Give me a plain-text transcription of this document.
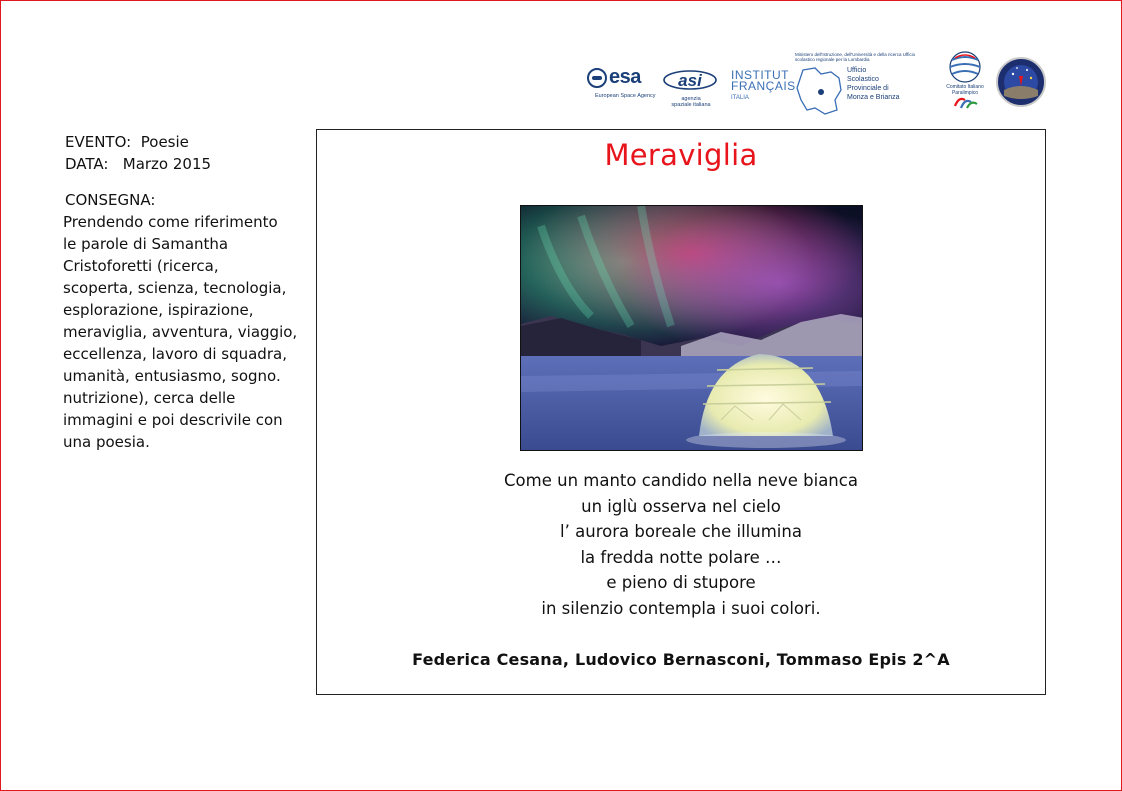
esa
European Space Agency
asi
agenzia spaziale italiana
INSTITUT
FRANÇAIS
ITALIA
Ministero dell'Istruzione, dell'Università e della ricerca Ufficio scolastico regionale per la Lombardia
Ufficio
Scolastico
Provinciale di
Monza e Brianza
Comitato Italiano Paralimpico
EVENTO: Poesie
DATA: Marzo 2015
CONSEGNA:
Prendendo come riferimento
le parole di Samantha
Cristoforetti (ricerca,
scoperta, scienza, tecnologia,
esplorazione, ispirazione,
meraviglia, avventura, viaggio,
eccellenza, lavoro di squadra,
umanità, entusiasmo, sogno.
nutrizione), cerca delle
immagini e poi descrivile con
una poesia.
Meraviglia
Come un manto candido nella neve bianca
un iglù osserva nel cielo
l’ aurora boreale che illumina
la fredda notte polare …
e pieno di stupore
in silenzio contempla i suoi colori.
Federica Cesana, Ludovico Bernasconi, Tommaso Epis 2^A
